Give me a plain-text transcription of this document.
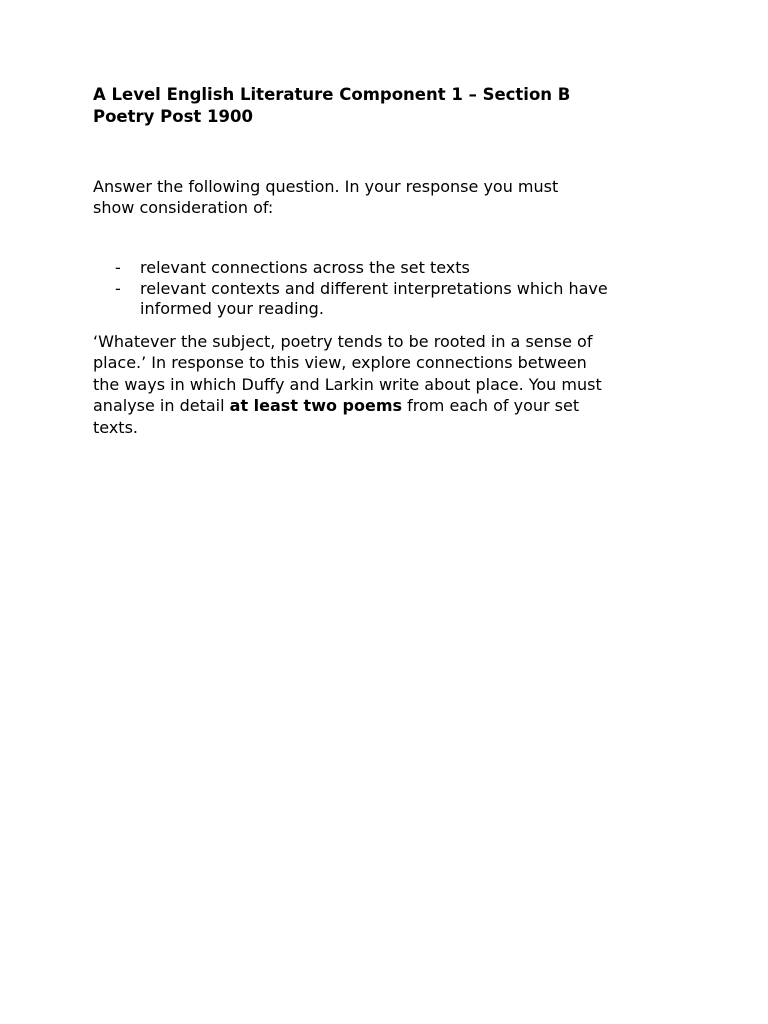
A Level English Literature Component 1 – Section B
Poetry Post 1900

Answer the following question. In your response you must
show consideration of:

- relevant connections across the set texts
- relevant contexts and different interpretations which have
informed your reading.

‘Whatever the subject, poetry tends to be rooted in a sense of
place.’ In response to this view, explore connections between
the ways in which Duffy and Larkin write about place. You must
analyse in detail at least two poems from each of your set
texts.
